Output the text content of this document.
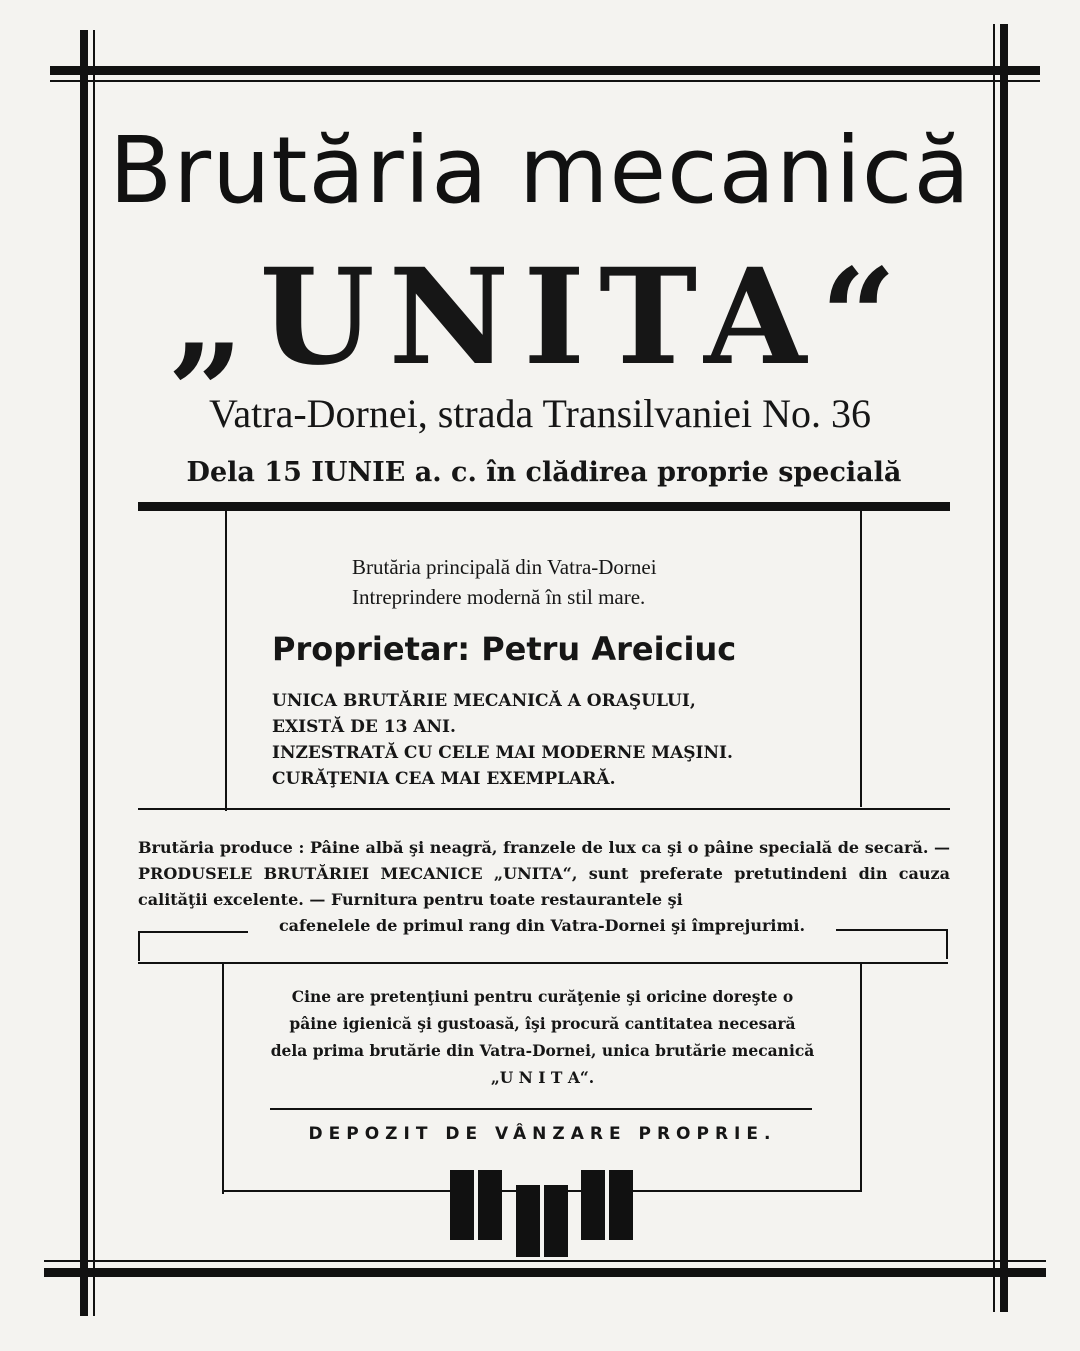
Brutăria mecanică
„UNITA“
Vatra-Dornei, strada Transilvaniei No. 36
Dela 15 IUNIE a. c. în clădirea proprie specială
Brutăria principală din Vatra-Dornei
Intreprindere modernă în stil mare.
Proprietar: Petru Areiciuc
UNICA BRUTĂRIE MECANICĂ A ORAŞULUI,
EXISTĂ DE 13 ANI.
INZESTRATĂ CU CELE MAI MODERNE MAŞINI.
CURĂŢENIA CEA MAI EXEMPLARĂ.
Brutăria produce : Pâine albă şi neagră, franzele de lux ca şi o pâine specială de secară. — PRODUSELE BRUTĂRIEI MECANICE „UNITA“, sunt preferate pretutindeni din cauza calităţii excelente. — Furnitura pentru toate restaurantele şi
cafenelele de primul rang din Vatra-Dornei şi împrejurimi.
Cine are pretenţiuni pentru curăţenie şi oricine doreşte o pâine igienică şi gustoasă, îşi procură cantitatea necesară dela prima brutărie din Vatra-Dornei, unica brutărie mecanică „U N I T A“.
DEPOZIT DE VÂNZARE PROPRIE.
